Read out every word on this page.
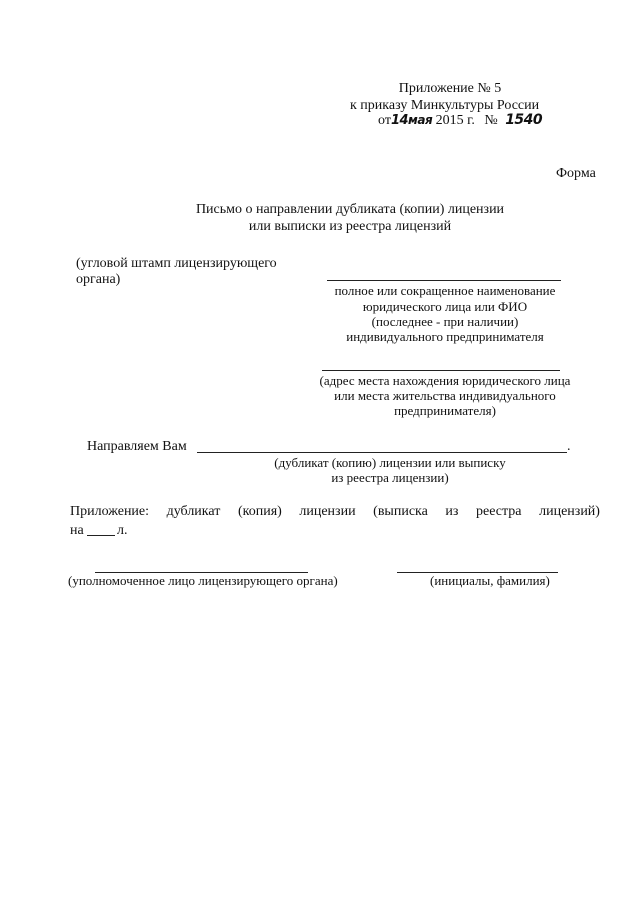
Приложение № 5
к приказу Минкультуры России
от14мая 2015 г. № 1540
Форма
Письмо о направлении дубликата (копии) лицензии
или выписки из реестра лицензий
(угловой штамп лицензирующего
органа)
полное или сокращенное наименование
юридического лица или ФИО
(последнее - при наличии)
индивидуального предпринимателя
(адрес места нахождения юридического лица
или места жительства индивидуального
предпринимателя)
Направляем Вам	.
(дубликат (копию) лицензии или выписку
из реестра лицензии)
Приложение: дубликат (копия) лицензии (выписка из реестра лицензий)
на л.
(уполномоченное лицо лицензирующего органа)	(инициалы, фамилия)
